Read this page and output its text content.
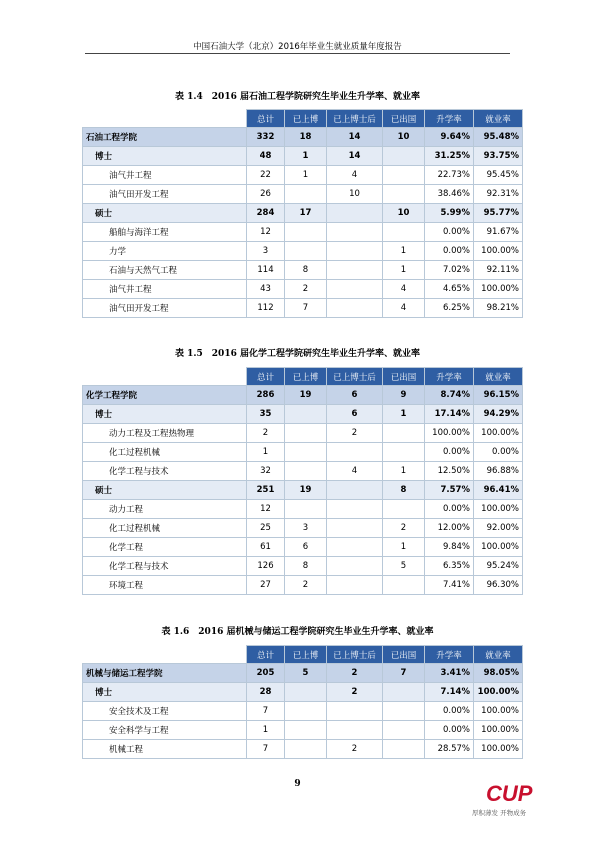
中国石油大学（北京）2016年毕业生就业质量年度报告
表 1.4　2016 届石油工程学院研究生毕业生升学率、就业率
	总计	已上博	已上博士后	已出国	升学率	就业率
石油工程学院	332	18	14	10	9.64%	95.48%
博士	48	1	14		31.25%	93.75%
油气井工程	22	1	4		22.73%	95.45%
油气田开发工程	26		10		38.46%	92.31%
硕士	284	17		10	5.99%	95.77%
船舶与海洋工程	12				0.00%	91.67%
力学	3			1	0.00%	100.00%
石油与天然气工程	114	8		1	7.02%	92.11%
油气井工程	43	2		4	4.65%	100.00%
油气田开发工程	112	7		4	6.25%	98.21%
表 1.5　2016 届化学工程学院研究生毕业生升学率、就业率
	总计	已上博	已上博士后	已出国	升学率	就业率
化学工程学院	286	19	6	9	8.74%	96.15%
博士	35		6	1	17.14%	94.29%
动力工程及工程热物理	2		2		100.00%	100.00%
化工过程机械	1				0.00%	0.00%
化学工程与技术	32		4	1	12.50%	96.88%
硕士	251	19		8	7.57%	96.41%
动力工程	12				0.00%	100.00%
化工过程机械	25	3		2	12.00%	92.00%
化学工程	61	6		1	9.84%	100.00%
化学工程与技术	126	8		5	6.35%	95.24%
环境工程	27	2			7.41%	96.30%
表 1.6　2016 届机械与储运工程学院研究生毕业生升学率、就业率
	总计	已上博	已上博士后	已出国	升学率	就业率
机械与储运工程学院	205	5	2	7	3.41%	98.05%
博士	28		2		7.14%	100.00%
安全技术及工程	7				0.00%	100.00%
安全科学与工程	1				0.00%	100.00%
机械工程	7		2		28.57%	100.00%
9	CUP
厚积薄发 开物成务
